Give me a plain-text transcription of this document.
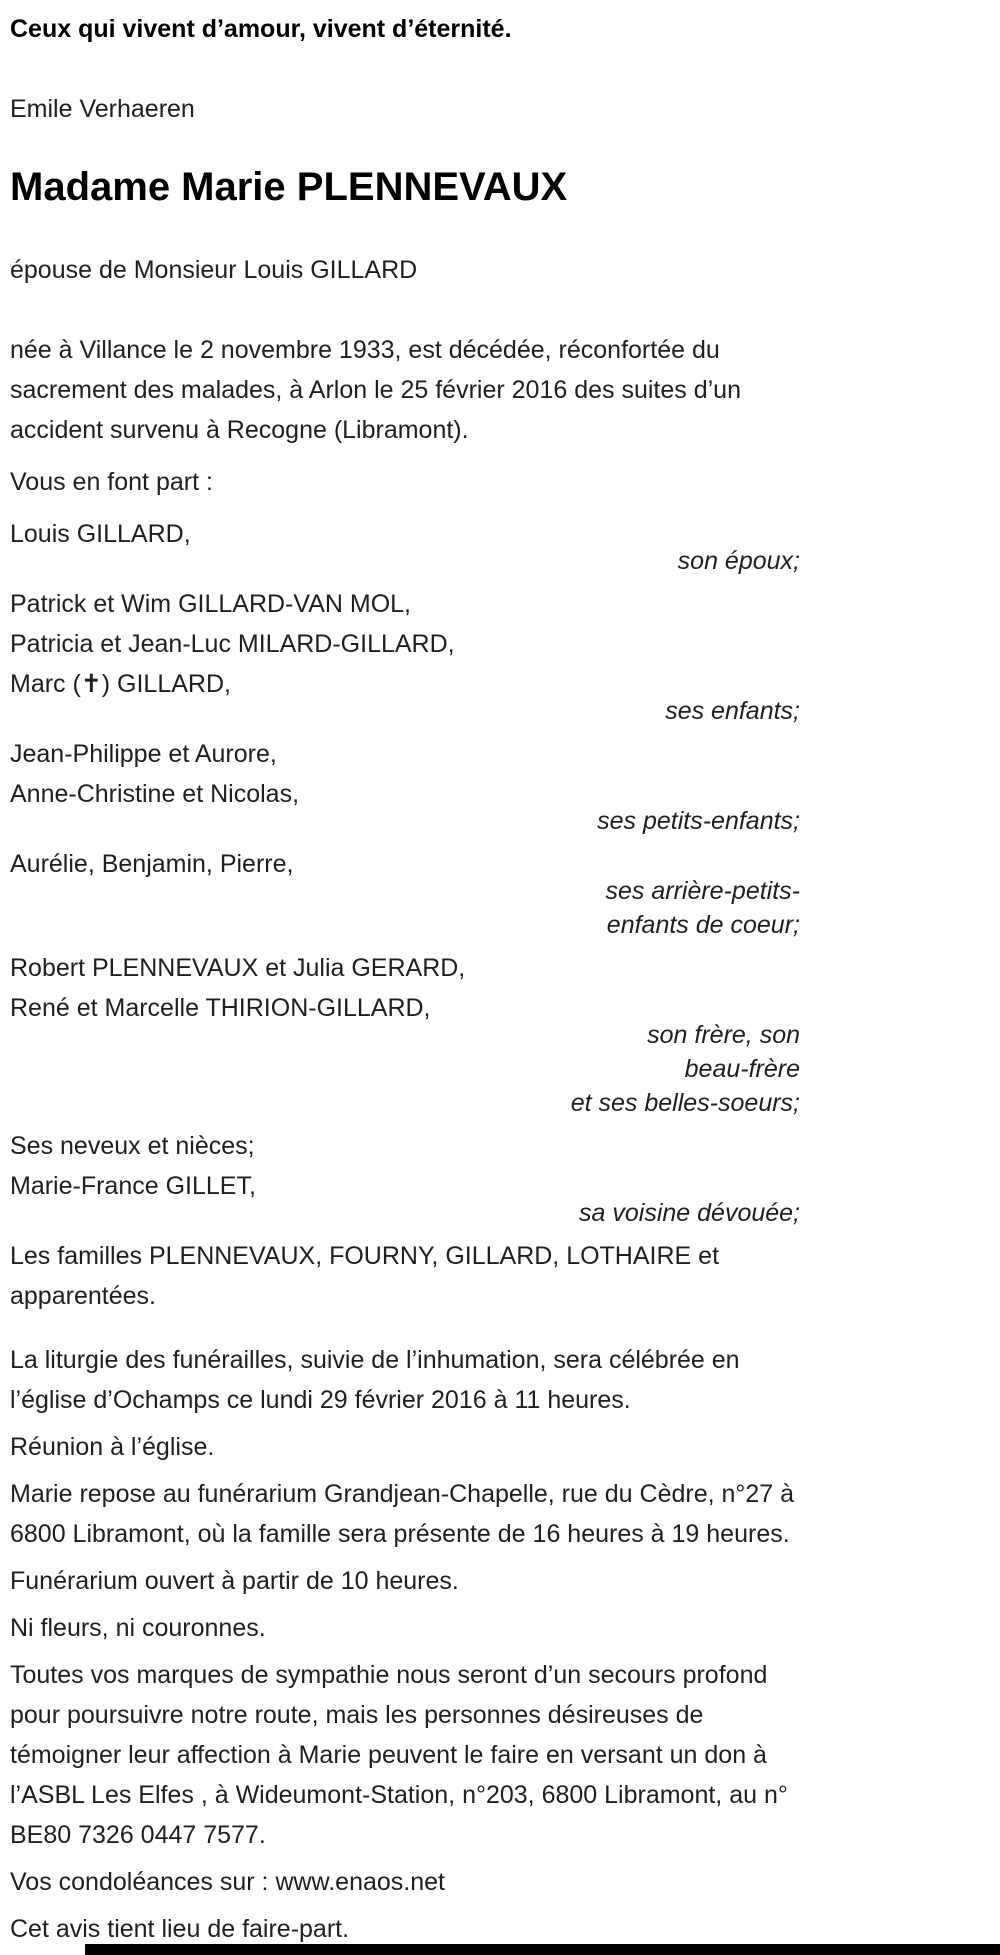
Ceux qui vivent d’amour, vivent d’éternité.

Emile Verhaeren

Madame Marie PLENNEVAUX

épouse de Monsieur Louis GILLARD

née à Villance le 2 novembre 1933, est décédée, réconfortée du sacrement des malades, à Arlon le 25 février 2016 des suites d’un accident survenu à Recogne (Libramont).

Vous en font part :

Louis GILLARD,

son époux;

Patrick et Wim GILLARD-VAN MOL,

Patricia et Jean-Luc MILARD-GILLARD,

Marc (✝) GILLARD,

ses enfants;

Jean-Philippe et Aurore,

Anne-Christine et Nicolas,

ses petits-enfants;

Aurélie, Benjamin, Pierre,

ses arrière-petits-

enfants de coeur;

Robert PLENNEVAUX et Julia GERARD,

René et Marcelle THIRION-GILLARD,

son frère, son

beau-frère

et ses belles-soeurs;

Ses neveux et nièces;

Marie-France GILLET,

sa voisine dévouée;

Les familles PLENNEVAUX, FOURNY, GILLARD, LOTHAIRE et apparentées.

La liturgie des funérailles, suivie de l’inhumation, sera célébrée en l’église d’Ochamps ce lundi 29 février 2016 à 11 heures.

Réunion à l’église.

Marie repose au funérarium Grandjean-Chapelle, rue du Cèdre, n°27 à 6800 Libramont, où la famille sera présente de 16 heures à 19 heures.

Funérarium ouvert à partir de 10 heures.

Ni fleurs, ni couronnes.

Toutes vos marques de sympathie nous seront d’un secours profond pour poursuivre notre route, mais les personnes désireuses de témoigner leur affection à Marie peuvent le faire en versant un don à l’ASBL Les Elfes , à Wideumont-Station, n°203, 6800 Libramont, au n° BE80 7326 0447 7577.

Vos condoléances sur : www.enaos.net

Cet avis tient lieu de faire-part.
